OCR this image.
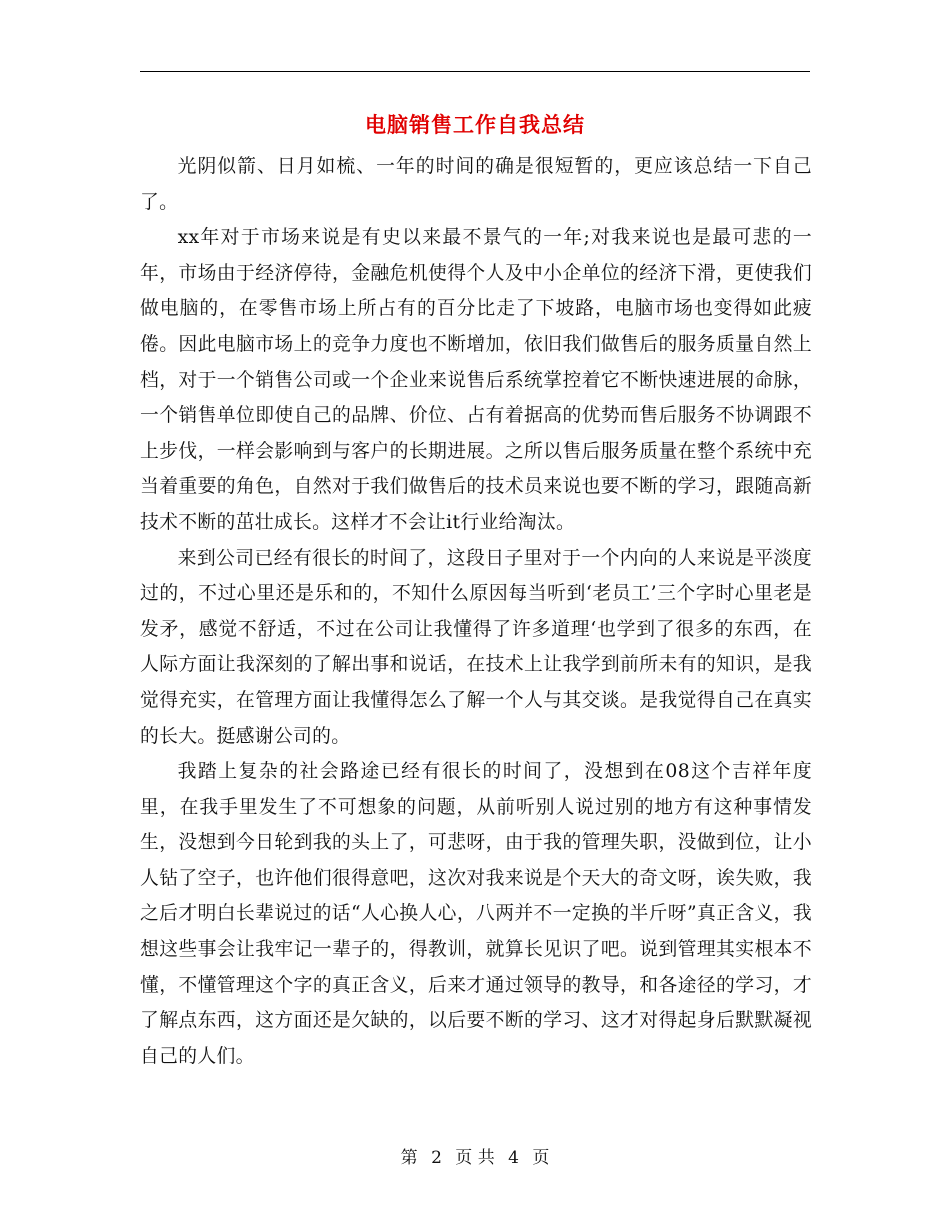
电脑销售工作自我总结

光阴似箭、日月如梳、一年的时间的确是很短暂的，更应该总结一下自己了。

xx年对于市场来说是有史以来最不景气的一年;对我来说也是最可悲的一年，市场由于经济停待，金融危机使得个人及中小企单位的经济下滑，更使我们做电脑的，在零售市场上所占有的百分比走了下坡路，电脑市场也变得如此疲倦。因此电脑市场上的竞争力度也不断增加，依旧我们做售后的服务质量自然上档，对于一个销售公司或一个企业来说售后系统掌控着它不断快速进展的命脉，一个销售单位即使自己的品牌、价位、占有着据高的优势而售后服务不协调跟不上步伐，一样会影响到与客户的长期进展。之所以售后服务质量在整个系统中充当着重要的角色，自然对于我们做售后的技术员来说也要不断的学习，跟随高新技术不断的茁壮成长。这样才不会让it行业给淘汰。

来到公司已经有很长的时间了，这段日子里对于一个内向的人来说是平淡度过的，不过心里还是乐和的，不知什么原因每当听到‘老员工’三个字时心里老是发矛，感觉不舒适，不过在公司让我懂得了许多道理‘也学到了很多的东西，在人际方面让我深刻的了解出事和说话，在技术上让我学到前所未有的知识，是我觉得充实，在管理方面让我懂得怎么了解一个人与其交谈。是我觉得自己在真实的长大。挺感谢公司的。

我踏上复杂的社会路途已经有很长的时间了，没想到在08这个吉祥年度里，在我手里发生了不可想象的问题，从前听别人说过别的地方有这种事情发生，没想到今日轮到我的头上了，可悲呀，由于我的管理失职，没做到位，让小人钻了空子，也许他们很得意吧，这次对我来说是个天大的奇文呀，诶失败，我之后才明白长辈说过的话“人心换人心，八两并不一定换的半斤呀”真正含义，我想这些事会让我牢记一辈子的，得教训，就算长见识了吧。说到管理其实根本不懂，不懂管理这个字的真正含义，后来才通过领导的教导，和各途径的学习，才了解点东西，这方面还是欠缺的，以后要不断的学习、这才对得起身后默默凝视自己的人们。

第 2 页 共 4 页
